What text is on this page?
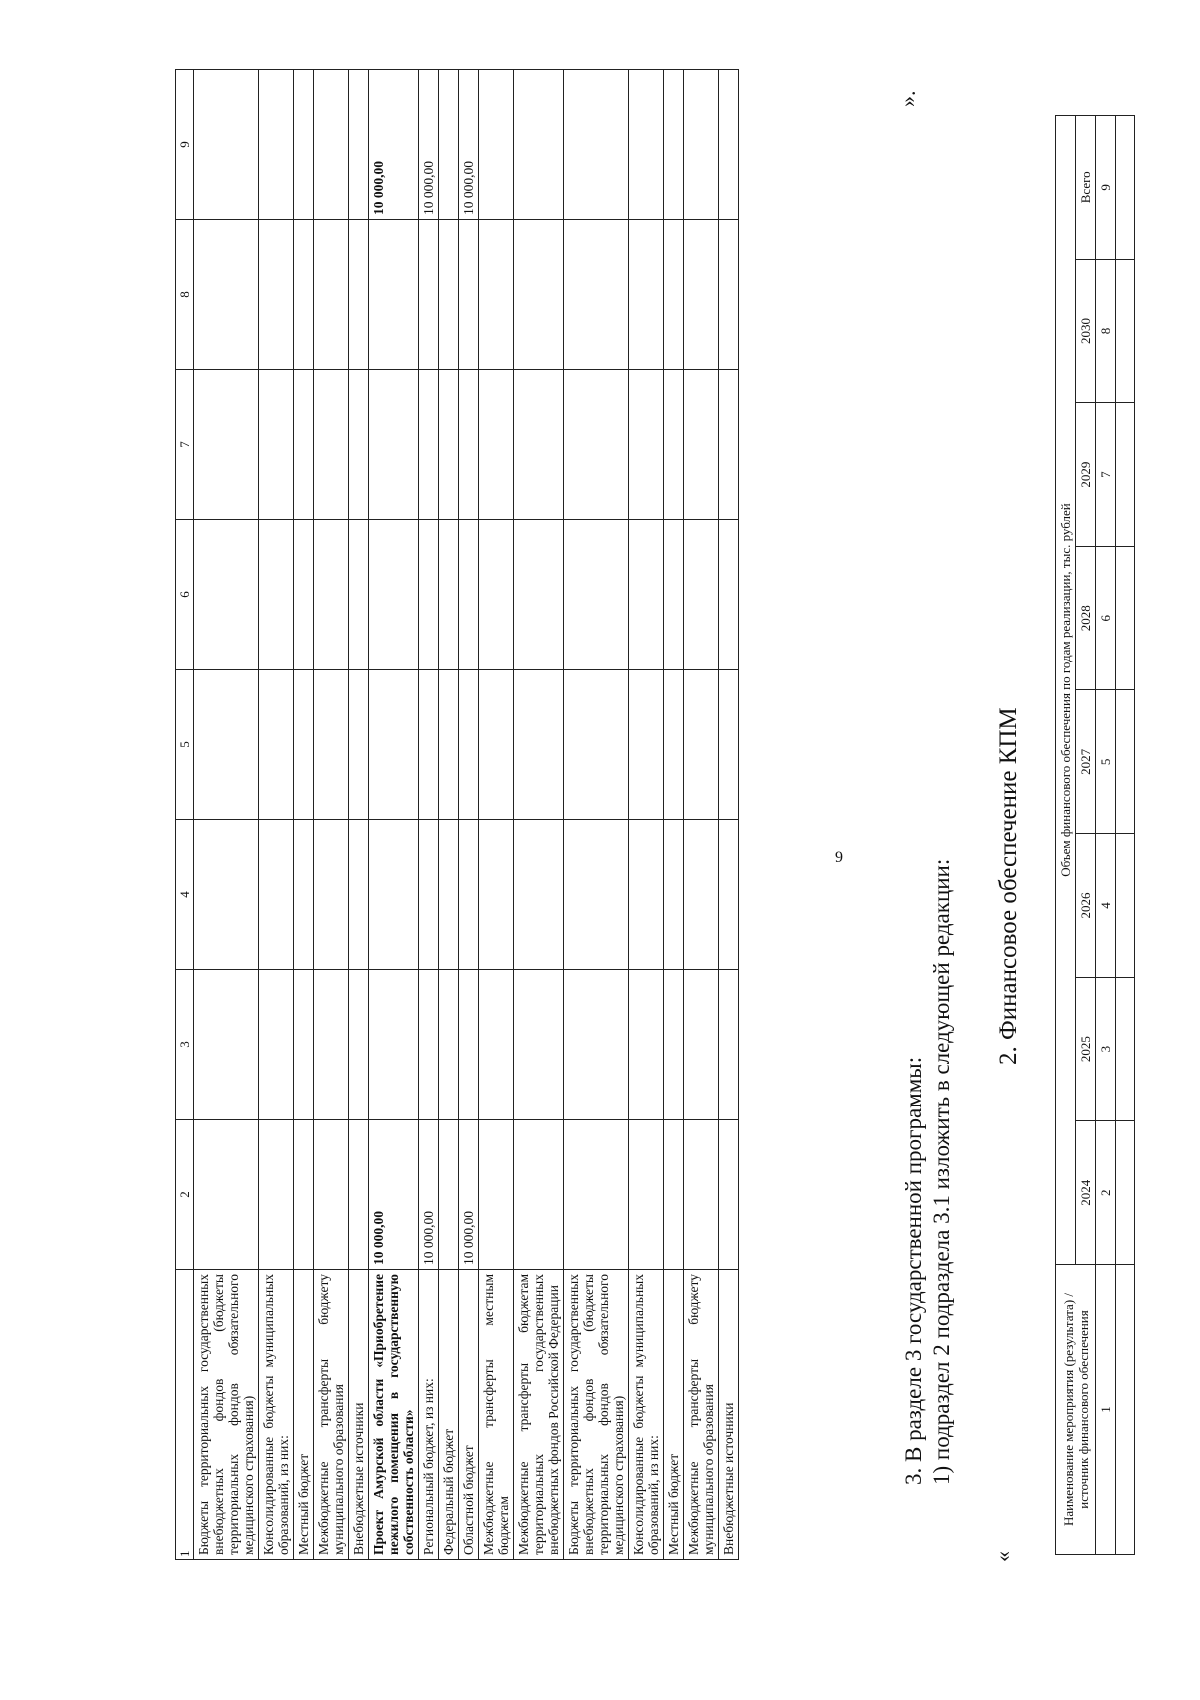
9
1	2	3	4	5	6	7	8	9
Бюджеты территориальных государственных внебюджетных фондов (бюджеты территориальных фондов обязательного медицинского страхования)								
Консолидированные бюджеты муниципальных образований, из них:								
Местный бюджет								
Межбюджетные трансферты бюджету муниципального образования								
Внебюджетные источники								
Проект Амурской области «Приобретение нежилого помещения в государственную собственность области»	10 000,00							10 000,00
Региональный бюджет, из них:	10 000,00							10 000,00
Федеральный бюджет								
Областной бюджет	10 000,00							10 000,00
Межбюджетные трансферты местным бюджетам								
Межбюджетные трансферты бюджетам территориальных государственных внебюджетных фондов Российской Федерации								
Бюджеты территориальных государственных внебюджетных фондов (бюджеты территориальных фондов обязательного медицинского страхования)								
Консолидированные бюджеты муниципальных образований, из них:								
Местный бюджет								
Межбюджетные трансферты бюджету муниципального образования								
Внебюджетные источники								
».
3. В разделе 3 государственной программы: 1) подраздел 2 подраздела 3.1 изложить в следующей редакции:
«
2. Финансовое обеспечение КПМ
Наименование мероприятия (результата) / источник финансового обеспечения	Объем финансового обеспечения по годам реализации, тыс. рублей							
	2024	2025	2026	2027	2028	2029	2030	Всего
1	2	3	4	5	6	7	8	9
